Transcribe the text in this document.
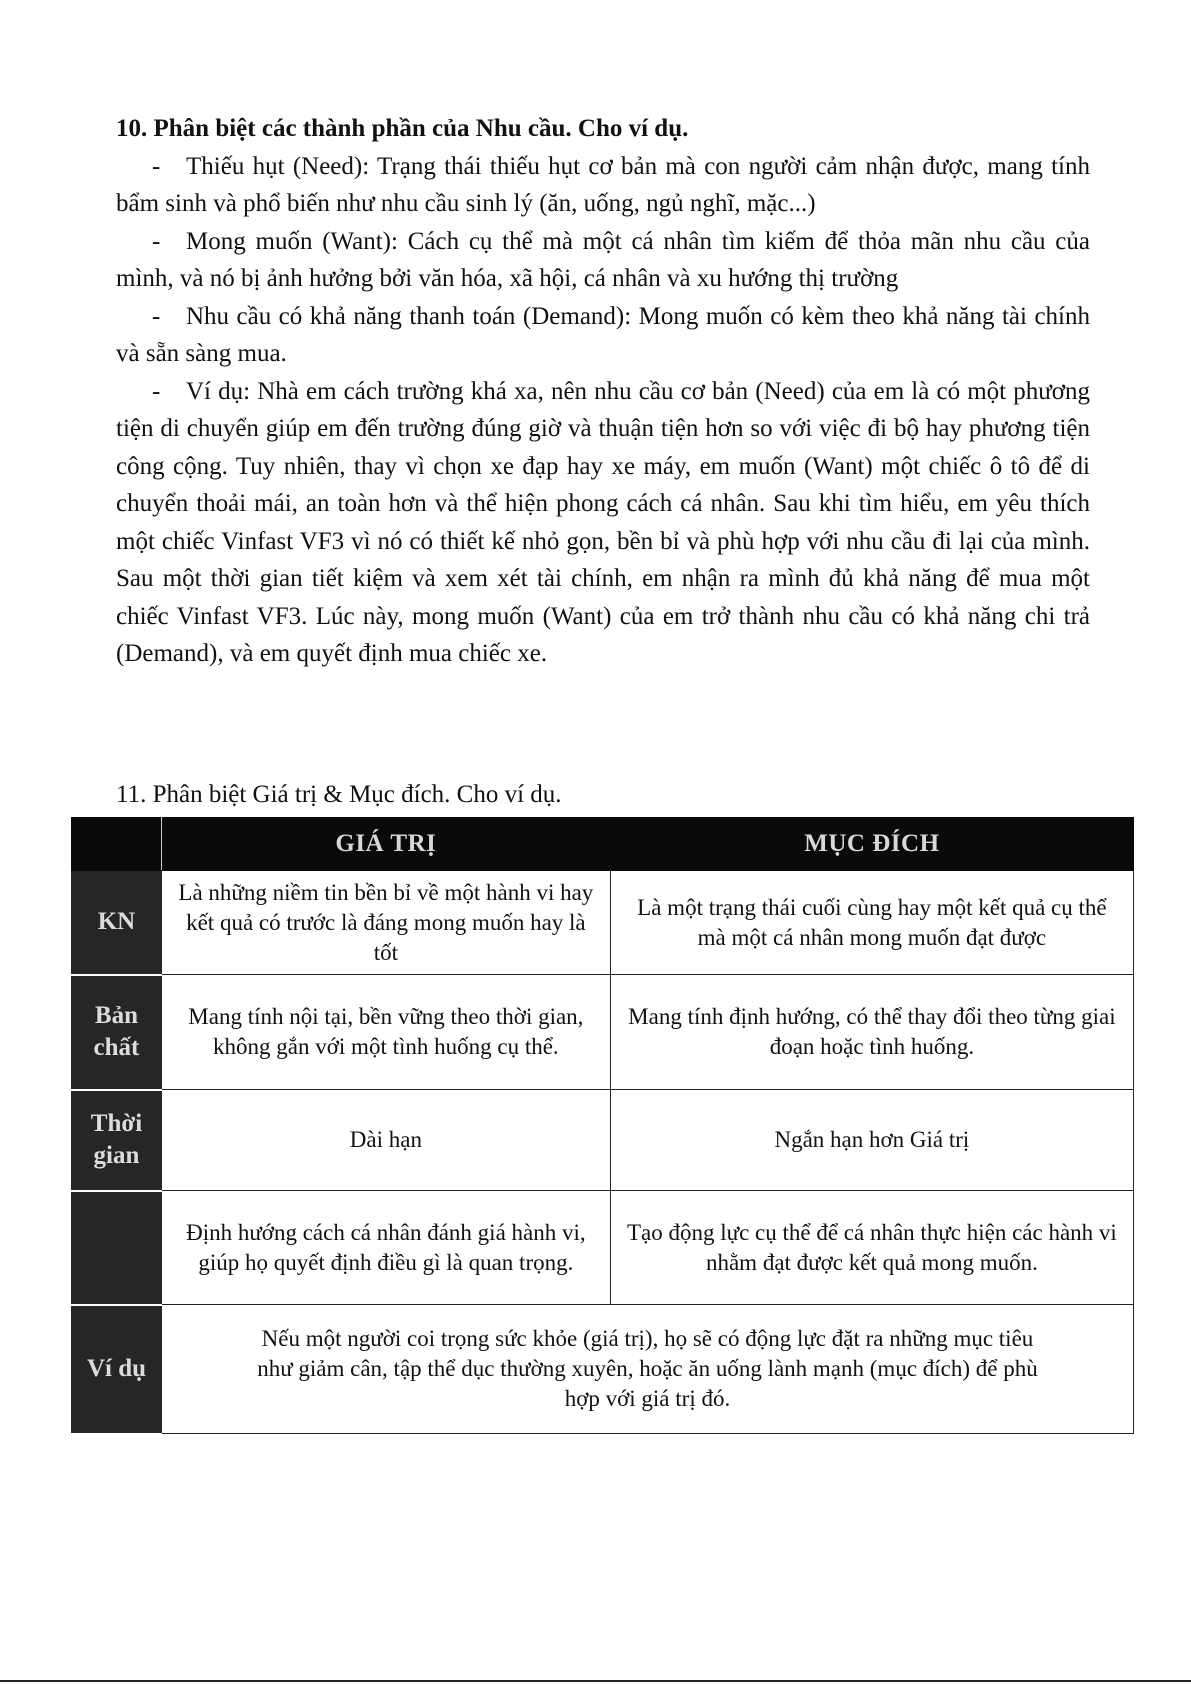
10. Phân biệt các thành phần của Nhu cầu. Cho ví dụ.

- Thiếu hụt (Need): Trạng thái thiếu hụt cơ bản mà con người cảm nhận được, mang tính bẩm sinh và phổ biến như nhu cầu sinh lý (ăn, uống, ngủ nghĩ, mặc...)

- Mong muốn (Want): Cách cụ thể mà một cá nhân tìm kiếm để thỏa mãn nhu cầu của mình, và nó bị ảnh hưởng bởi văn hóa, xã hội, cá nhân và xu hướng thị trường

- Nhu cầu có khả năng thanh toán (Demand): Mong muốn có kèm theo khả năng tài chính và sẵn sàng mua.

- Ví dụ: Nhà em cách trường khá xa, nên nhu cầu cơ bản (Need) của em là có một phương tiện di chuyển giúp em đến trường đúng giờ và thuận tiện hơn so với việc đi bộ hay phương tiện công cộng. Tuy nhiên, thay vì chọn xe đạp hay xe máy, em muốn (Want) một chiếc ô tô để di chuyển thoải mái, an toàn hơn và thể hiện phong cách cá nhân. Sau khi tìm hiểu, em yêu thích một chiếc Vinfast VF3 vì nó có thiết kế nhỏ gọn, bền bỉ và phù hợp với nhu cầu đi lại của mình. Sau một thời gian tiết kiệm và xem xét tài chính, em nhận ra mình đủ khả năng để mua một chiếc Vinfast VF3. Lúc này, mong muốn (Want) của em trở thành nhu cầu có khả năng chi trả (Demand), và em quyết định mua chiếc xe.

11. Phân biệt Giá trị & Mục đích. Cho ví dụ.

	GIÁ TRỊ	MỤC ĐÍCH
KN	Là những niềm tin bền bỉ về một hành vi hay kết quả có trước là đáng mong muốn hay là tốt	Là một trạng thái cuối cùng hay một kết quả cụ thể mà một cá nhân mong muốn đạt được
Bản chất	Mang tính nội tại, bền vững theo thời gian, không gắn với một tình huống cụ thể.	Mang tính định hướng, có thể thay đổi theo từng giai đoạn hoặc tình huống.
Thời gian	Dài hạn	Ngắn hạn hơn Giá trị
	Định hướng cách cá nhân đánh giá hành vi, giúp họ quyết định điều gì là quan trọng.	Tạo động lực cụ thể để cá nhân thực hiện các hành vi nhằm đạt được kết quả mong muốn.
Ví dụ	Nếu một người coi trọng sức khỏe (giá trị), họ sẽ có động lực đặt ra những mục tiêu như giảm cân, tập thể dục thường xuyên, hoặc ăn uống lành mạnh (mục đích) để phù hợp với giá trị đó.	
